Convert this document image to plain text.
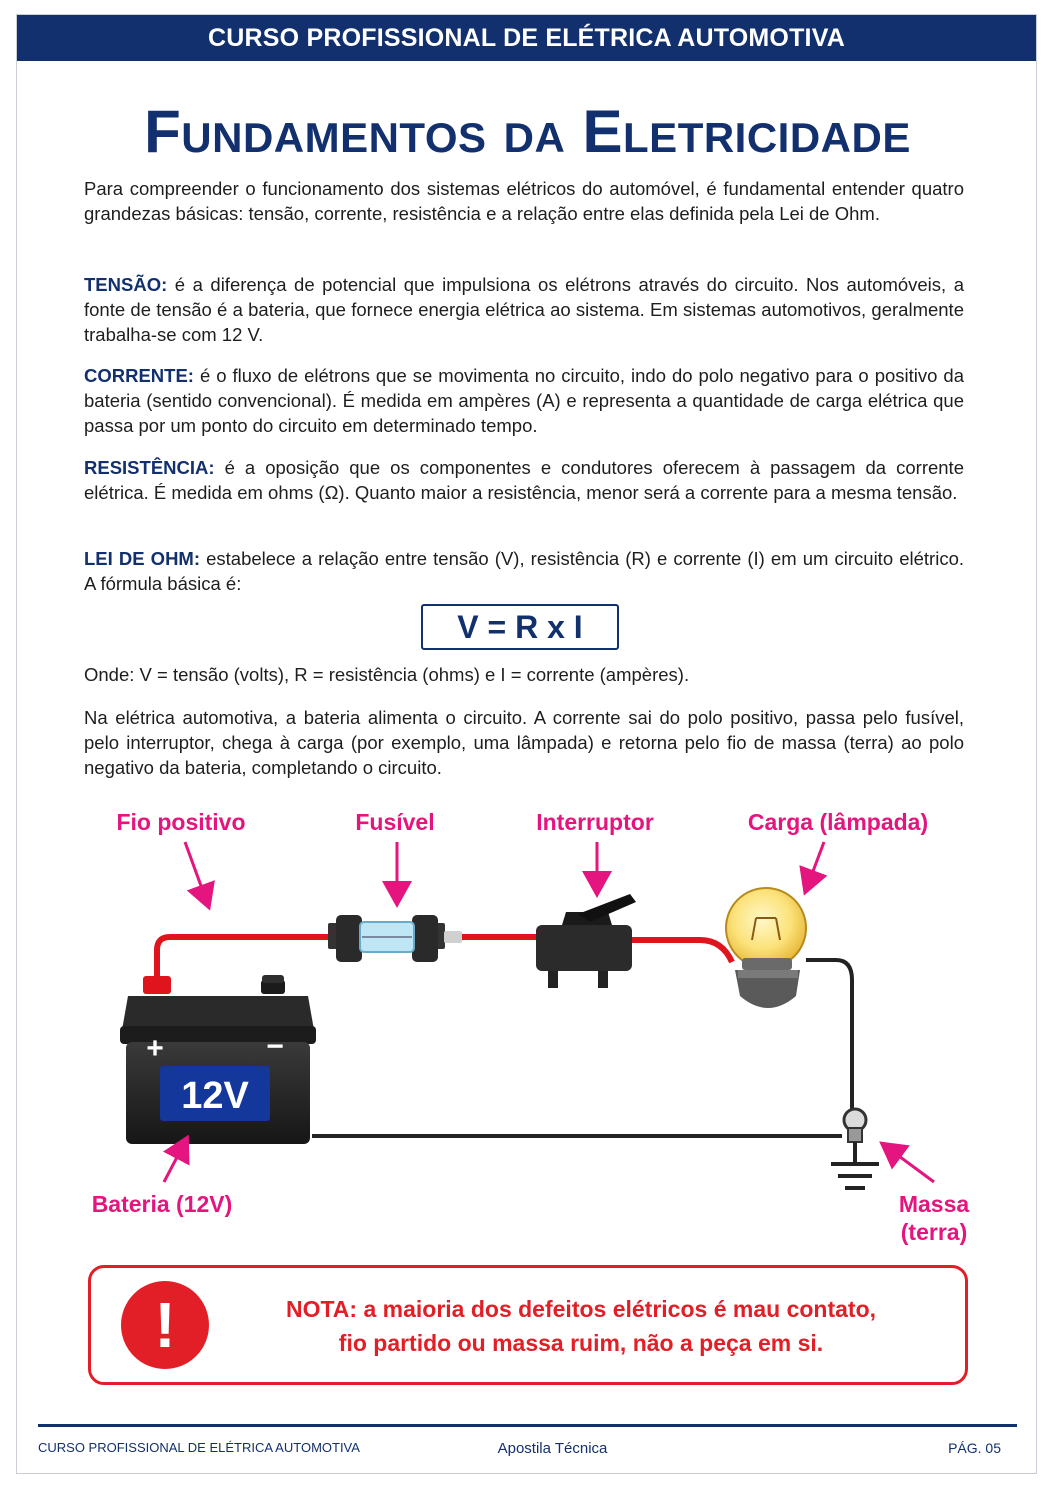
CURSO PROFISSIONAL DE ELÉTRICA AUTOMOTIVA
Fundamentos da Eletricidade

Para compreender o funcionamento dos sistemas elétricos do automóvel, é fundamental entender quatro grandezas básicas: tensão, corrente, resistência e a relação entre elas definida pela Lei de Ohm.

TENSÃO: é a diferença de potencial que impulsiona os elétrons através do circuito. Nos automóveis, a fonte de tensão é a bateria, que fornece energia elétrica ao sistema. Em sistemas automotivos, geralmente trabalha-se com 12 V.

CORRENTE: é o fluxo de elétrons que se movimenta no circuito, indo do polo negativo para o positivo da bateria (sentido convencional). É medida em ampères (A) e representa a quantidade de carga elétrica que passa por um ponto do circuito em determinado tempo.

RESISTÊNCIA: é a oposição que os componentes e condutores oferecem à passagem da corrente elétrica. É medida em ohms (Ω). Quanto maior a resistência, menor será a corrente para a mesma tensão.

LEI DE OHM: estabelece a relação entre tensão (V), resistência (R) e corrente (I) em um circuito elétrico. A fórmula básica é:

V = R x I

Onde: V = tensão (volts), R = resistência (ohms) e I = corrente (ampères).

Na elétrica automotiva, a bateria alimenta o circuito. A corrente sai do polo positivo, passa pelo fusível, pelo interruptor, chega à carga (por exemplo, uma lâmpada) e retorna pelo fio de massa (terra) ao polo negativo da bateria, completando o circuito.

+	−
12V
Fio positivo	Fusível	Interruptor	Carga (lâmpada)
Bateria (12V)	Massa
(terra)
!	NOTA: a maioria dos defeitos elétricos é mau contato,
fio partido ou massa ruim, não a peça em si.
CURSO PROFISSIONAL DE ELÉTRICA AUTOMOTIVA	Apostila Técnica	PÁG. 05
